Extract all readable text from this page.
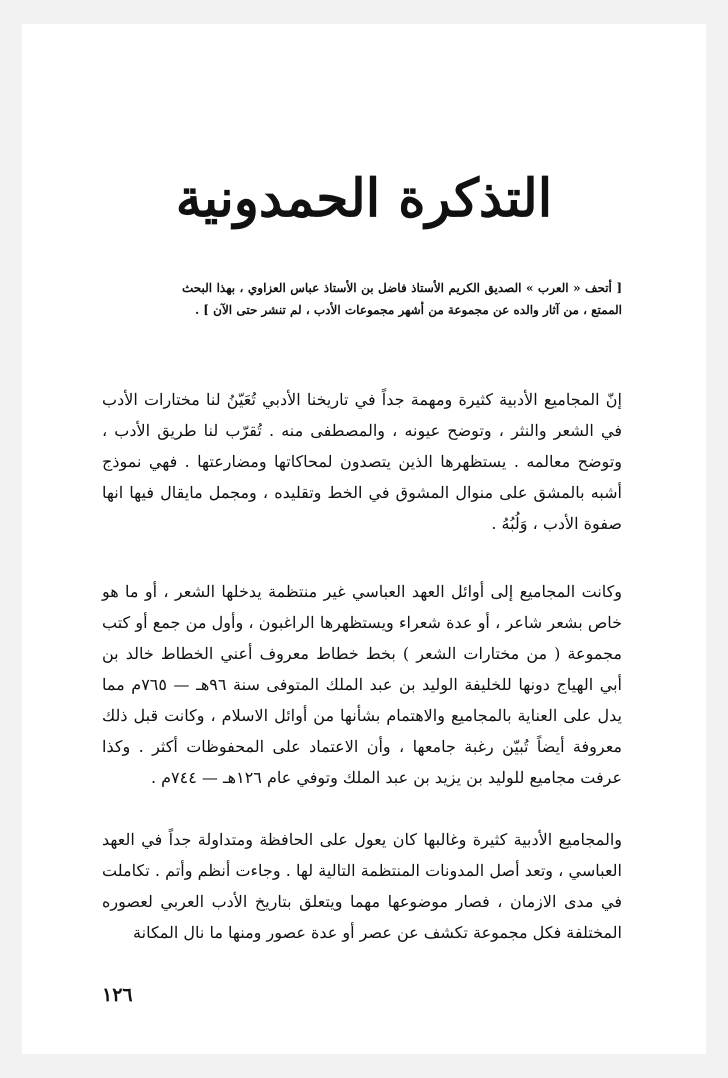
التذكرة الحمدونية
[ أتحف « العرب » الصديق الكريم الأستاذ فاضل بن الأستاذ عباس العزاوي ، بهذا البحث الممتع ، من آثار والده عن مجموعة من أشهر مجموعات الأدب ، لم تنشر حتى الآن ] .
إنّ المجاميع الأدبية كثيرة ومهمة جداً في تاريخنا الأدبي تُعَيّنُ لنا مختارات الأدب في الشعر والنثر ، وتوضح عيونه ، والمصطفى منه . تُقرّب لنا طريق الأدب ، وتوضح معالمه . يستظهرها الذين يتصدون لمحاكاتها ومضارعتها . فهي نموذج أشبه بالمشق على منوال المشوق في الخط وتقليده ، ومجمل مايقال فيها انها صفوة الأدب ، وَلُبُهُ .
وكانت المجاميع إلى أوائل العهد العباسي غير منتظمة يدخلها الشعر ، أو ما هو خاص بشعر شاعر ، أو عدة شعراء ويستظهرها الراغبون ، وأول من جمع أو كتب مجموعة ( من مختارات الشعر ) بخط خطاط معروف أعني الخطاط خالد بن أبي الهياج دونها للخليفة الوليد بن عبد الملك المتوفى سنة ٩٦هـ — ٧٦٥م مما يدل على العناية بالمجاميع والاهتمام بشأنها من أوائل الاسلام ، وكانت قبل ذلك معروفة أيضاً تُبيّن رغبة جامعها ، وأن الاعتماد على المحفوظات أكثر . وكذا عرفت مجاميع للوليد بن يزيد بن عبد الملك وتوفي عام ١٢٦هـ — ٧٤٤م .
والمجاميع الأدبية كثيرة وغالبها كان يعول على الحافظة ومتداولة جداً في العهد العباسي ، وتعد أصل المدونات المنتظمة التالية لها . وجاءت أنظم وأتم . تكاملت في مدى الازمان ، فصار موضوعها مهما ويتعلق بتاريخ الأدب العربي لعصوره المختلفة فكل مجموعة تكشف عن عصر أو عدة عصور ومنها ما نال المكانة
١٢٦
